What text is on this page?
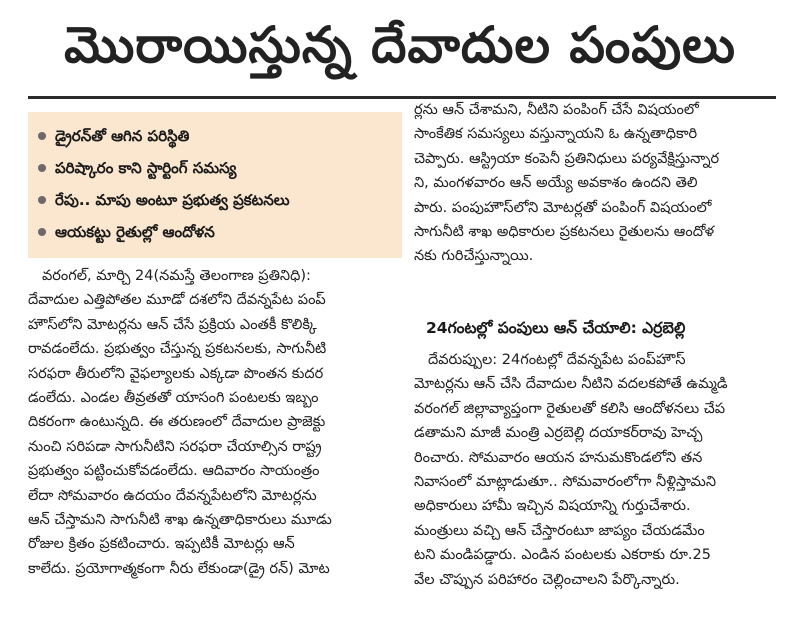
మొరాయిస్తున్న దేవాదుల పంపులు
డ్రైరన్‌తో ఆగిన పరిస్థితి
పరిష్కారం కాని స్టార్టింగ్ సమస్య
రేపు.. మాపు అంటూ ప్రభుత్వ ప్రకటనలు
ఆయకట్టు రైతుల్లో ఆందోళన
వరంగల్, మార్చి 24(నమస్తే తెలంగాణ ప్రతినిధి):
దేవాదుల ఎత్తిపోతల మూడో దశలోని దేవన్నపేట పంప్
హౌస్‌లోని మోటర్లను ఆన్ చేసే ప్రక్రియ ఎంతకీ కొలిక్కి
రావడంలేదు. ప్రభుత్వం చేస్తున్న ప్రకటనలకు, సాగునీటి
సరఫరా తీరులోని వైఫల్యాలకు ఎక్కడా పొంతన కుదర
డంలేదు. ఎండల తీవ్రతతో యాసంగి పంటలకు ఇబ్బం
దికరంగా ఉంటున్నది. ఈ తరుణంలో దేవాదుల ప్రాజెక్టు
నుంచి సరిపడా సాగునీటిని సరఫరా చేయాల్సిన రాష్ట్ర
ప్రభుత్వం పట్టించుకోవడంలేదు. ఆదివారం సాయంత్రం
లేదా సోమవారం ఉదయం దేవన్నపేటలోని మోటర్లను
ఆన్ చేస్తామని సాగునీటి శాఖ ఉన్నతాధికారులు మూడు
రోజుల క్రితం ప్రకటించారు. ఇప్పటికీ మోటర్లు ఆన్
కాలేదు. ప్రయోగాత్మకంగా నీరు లేకుండా(డ్రై రన్) మోట
ర్లను ఆన్ చేశామని, నీటిని పంపింగ్ చేసే విషయంలో
సాంకేతిక సమస్యలు వస్తున్నాయని ఓ ఉన్నతాధికారి
చెప్పారు. ఆస్ట్రియా కంపెనీ ప్రతినిధులు పర్యవేక్షిస్తున్నార
ని, మంగళవారం ఆన్ అయ్యే అవకాశం ఉందని తెలి
పారు. పంపుహౌస్‌లోని మోటర్లతో పంపింగ్ విషయంలో
సాగునీటి శాఖ అధికారుల ప్రకటనలు రైతులను ఆందోళ
నకు గురిచేస్తున్నాయి.
24గంటల్లో పంపులు ఆన్ చేయాలి: ఎర్రబెల్లి
దేవరుప్పుల: 24గంటల్లో దేవన్నపేట పంప్‌హౌస్
మోటర్లను ఆన్ చేసి దేవాదుల నీటిని వదలకపోతే ఉమ్మడి
వరంగల్ జిల్లావ్యాప్తంగా రైతులతో కలిసి ఆందోళనలు చేప
డతామని మాజీ మంత్రి ఎర్రబెల్లి దయాకర్‌రావు హెచ్చ
రించారు. సోమవారం ఆయన హనుమకొండలోని తన
నివాసంలో మాట్లాడుతూ.. సోమవారంలోగా నీళ్లిస్తామని
అధికారులు హామీ ఇచ్చిన విషయాన్ని గుర్తుచేశారు.
మంత్రులు వచ్చి ఆన్ చేస్తారంటూ జాప్యం చేయడమేం
టని మండిపడ్డారు. ఎండిన పంటలకు ఎకరాకు రూ.25
వేల చొప్పున పరిహారం చెల్లించాలని పేర్కొన్నారు.
